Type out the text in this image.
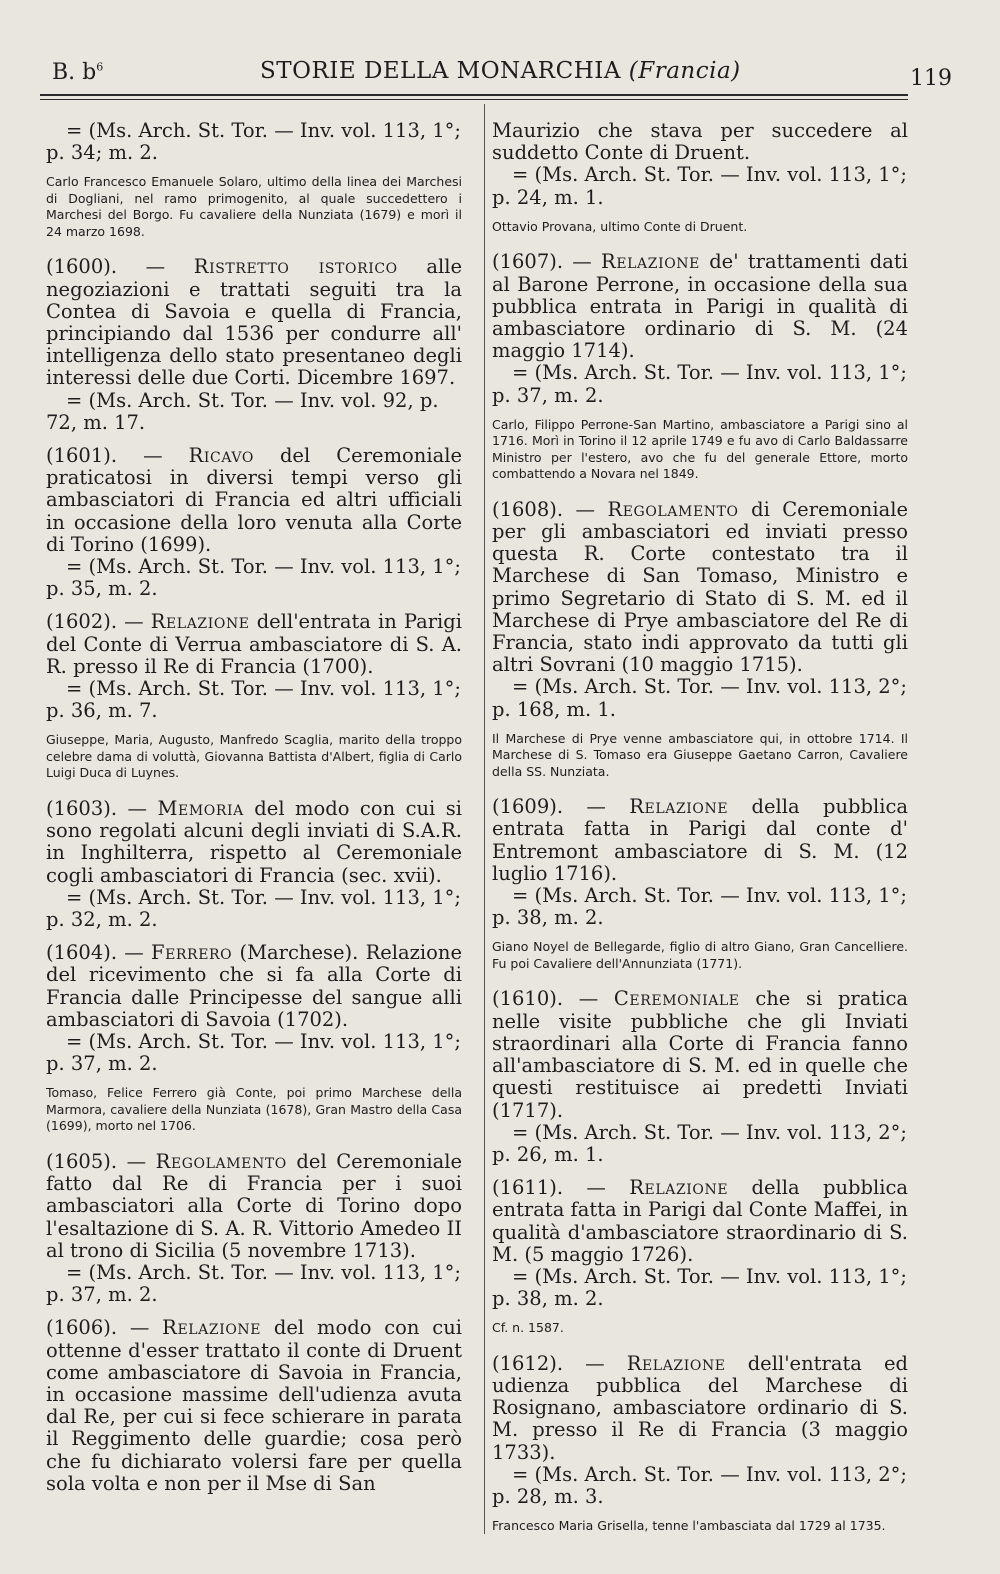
B. $b^6$	STORIE DELLA MONARCHIA (Francia)	119
= (Ms. Arch. St. Tor. — Inv. vol. 113, 1°; p. 34; m. 2.
Carlo Francesco Emanuele Solaro, ultimo della linea dei Marchesi di Dogliani, nel ramo primogenito, al quale succedettero i Marchesi del Borgo. Fu cavaliere della Nunziata (1679) e morì il 24 marzo 1698.
(1600). — Ristretto istorico alle negoziazioni e trattati seguiti tra la Contea di Savoia e quella di Francia, principiando dal 1536 per condurre all' intelligenza dello stato presentaneo degli interessi delle due Corti. Dicembre 1697.
= (Ms. Arch. St. Tor. — Inv. vol. 92, p. 72, m. 17.
(1601). — Ricavo del Ceremoniale praticatosi in diversi tempi verso gli ambasciatori di Francia ed altri ufficiali in occasione della loro venuta alla Corte di Torino (1699).
= (Ms. Arch. St. Tor. — Inv. vol. 113, 1°; p. 35, m. 2.
(1602). — Relazione dell'entrata in Parigi del Conte di Verrua ambasciatore di S. A. R. presso il Re di Francia (1700).
= (Ms. Arch. St. Tor. — Inv. vol. 113, 1°; p. 36, m. 7.
Giuseppe, Maria, Augusto, Manfredo Scaglia, marito della troppo celebre dama di voluttà, Giovanna Battista d'Albert, figlia di Carlo Luigi Duca di Luynes.
(1603). — Memoria del modo con cui si sono regolati alcuni degli inviati di S.A.R. in Inghilterra, rispetto al Ceremoniale cogli ambasciatori di Francia (sec. xvii).
= (Ms. Arch. St. Tor. — Inv. vol. 113, 1°; p. 32, m. 2.
(1604). — Ferrero (Marchese). Relazione del ricevimento che si fa alla Corte di Francia dalle Principesse del sangue alli ambasciatori di Savoia (1702).
= (Ms. Arch. St. Tor. — Inv. vol. 113, 1°; p. 37, m. 2.
Tomaso, Felice Ferrero già Conte, poi primo Marchese della Marmora, cavaliere della Nunziata (1678), Gran Mastro della Casa (1699), morto nel 1706.
(1605). — Regolamento del Ceremoniale fatto dal Re di Francia per i suoi ambasciatori alla Corte di Torino dopo l'esaltazione di S. A. R. Vittorio Amedeo II al trono di Sicilia (5 novembre 1713).
= (Ms. Arch. St. Tor. — Inv. vol. 113, 1°; p. 37, m. 2.
(1606). — Relazione del modo con cui ottenne d'esser trattato il conte di Druent come ambasciatore di Savoia in Francia, in occasione massime dell'udienza avuta dal Re, per cui si fece schierare in parata il Reggimento delle guardie; cosa però che fu dichiarato volersi fare per quella sola volta e non per il Mse di San
Maurizio che stava per succedere al suddetto Conte di Druent.
= (Ms. Arch. St. Tor. — Inv. vol. 113, 1°; p. 24, m. 1.
Ottavio Provana, ultimo Conte di Druent.
(1607). — Relazione de' trattamenti dati al Barone Perrone, in occasione della sua pubblica entrata in Parigi in qualità di ambasciatore ordinario di S. M. (24 maggio 1714).
= (Ms. Arch. St. Tor. — Inv. vol. 113, 1°; p. 37, m. 2.
Carlo, Filippo Perrone-San Martino, ambasciatore a Parigi sino al 1716. Morì in Torino il 12 aprile 1749 e fu avo di Carlo Baldassarre Ministro per l'estero, avo che fu del generale Ettore, morto combattendo a Novara nel 1849.
(1608). — Regolamento di Ceremoniale per gli ambasciatori ed inviati presso questa R. Corte contestato tra il Marchese di San Tomaso, Ministro e primo Segretario di Stato di S. M. ed il Marchese di Prye ambasciatore del Re di Francia, stato indi approvato da tutti gli altri Sovrani (10 maggio 1715).
= (Ms. Arch. St. Tor. — Inv. vol. 113, 2°; p. 168, m. 1.
Il Marchese di Prye venne ambasciatore qui, in ottobre 1714. Il Marchese di S. Tomaso era Giuseppe Gaetano Carron, Cavaliere della SS. Nunziata.
(1609). — Relazione della pubblica entrata fatta in Parigi dal conte d' Entremont ambasciatore di S. M. (12 luglio 1716).
= (Ms. Arch. St. Tor. — Inv. vol. 113, 1°; p. 38, m. 2.
Giano Noyel de Bellegarde, figlio di altro Giano, Gran Cancelliere. Fu poi Cavaliere dell'Annunziata (1771).
(1610). — Ceremoniale che si pratica nelle visite pubbliche che gli Inviati straordinari alla Corte di Francia fanno all'ambasciatore di S. M. ed in quelle che questi restituisce ai predetti Inviati (1717).
= (Ms. Arch. St. Tor. — Inv. vol. 113, 2°; p. 26, m. 1.
(1611). — Relazione della pubblica entrata fatta in Parigi dal Conte Maffei, in qualità d'ambasciatore straordinario di S. M. (5 maggio 1726).
= (Ms. Arch. St. Tor. — Inv. vol. 113, 1°; p. 38, m. 2.
Cf. n. 1587.
(1612). — Relazione dell'entrata ed udienza pubblica del Marchese di Rosignano, ambasciatore ordinario di S. M. presso il Re di Francia (3 maggio 1733).
= (Ms. Arch. St. Tor. — Inv. vol. 113, 2°; p. 28, m. 3.
Francesco Maria Grisella, tenne l'ambasciata dal 1729 al 1735.
